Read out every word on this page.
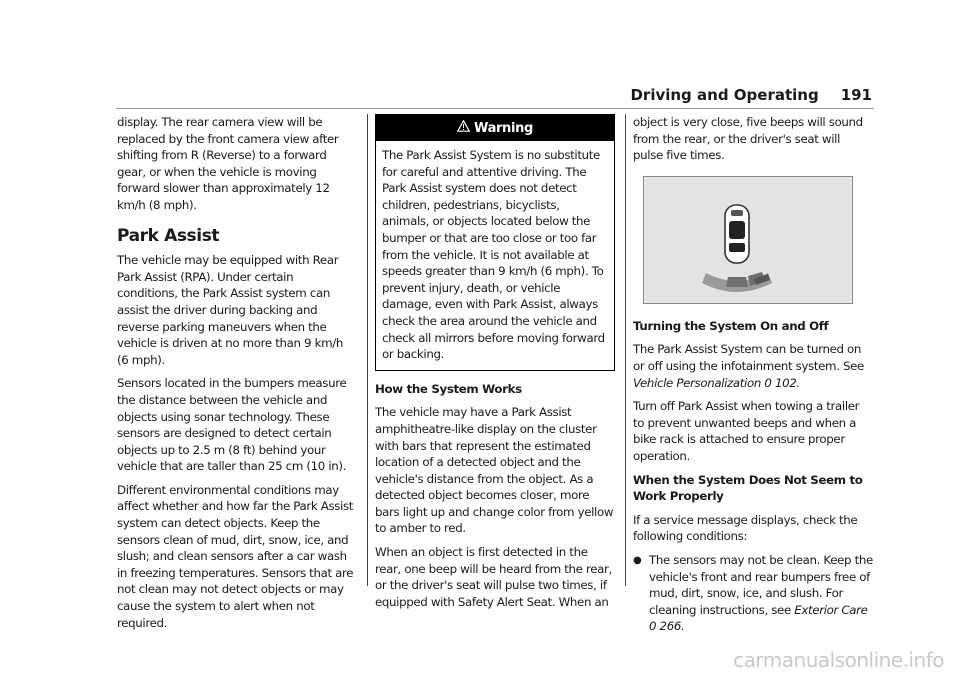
Driving and Operating 191

display. The rear camera view will be replaced by the front camera view after shifting from R (Reverse) to a forward gear, or when the vehicle is moving forward slower than approximately 12 km/h (8 mph).

Park Assist

The vehicle may be equipped with Rear Park Assist (RPA). Under certain conditions, the Park Assist system can assist the driver during backing and reverse parking maneuvers when the vehicle is driven at no more than 9 km/h (6 mph).

Sensors located in the bumpers measure the distance between the vehicle and objects using sonar technology. These sensors are designed to detect certain objects up to 2.5 m (8 ft) behind your vehicle that are taller than 25 cm (10 in).

Different environmental conditions may affect whether and how far the Park Assist system can detect objects. Keep the sensors clean of mud, dirt, snow, ice, and slush; and clean sensors after a car wash in freezing temperatures. Sensors that are not clean may not detect objects or may cause the system to alert when not required.

Warning
The Park Assist System is no substitute for careful and attentive driving. The Park Assist system does not detect children, pedestrians, bicyclists, animals, or objects located below the bumper or that are too close or too far from the vehicle. It is not available at speeds greater than 9 km/h (6 mph). To prevent injury, death, or vehicle damage, even with Park Assist, always check the area around the vehicle and check all mirrors before moving forward or backing.
How the System Works

The vehicle may have a Park Assist amphitheatre-like display on the cluster with bars that represent the estimated location of a detected object and the vehicle's distance from the object. As a detected object becomes closer, more bars light up and change color from yellow to amber to red.

When an object is first detected in the rear, one beep will be heard from the rear, or the driver's seat will pulse two times, if equipped with Safety Alert Seat. When an

object is very close, five beeps will sound from the rear, or the driver's seat will pulse five times.

Turning the System On and Off

The Park Assist System can be turned on or off using the infotainment system. See Vehicle Personalization 0 102.

Turn off Park Assist when towing a trailer to prevent unwanted beeps and when a bike rack is attached to ensure proper operation.

When the System Does Not Seem to Work Properly

If a service message displays, check the following conditions:

● The sensors may not be clean. Keep the vehicle's front and rear bumpers free of mud, dirt, snow, ice, and slush. For cleaning instructions, see Exterior Care
0 266.
carmanualsonline.info
